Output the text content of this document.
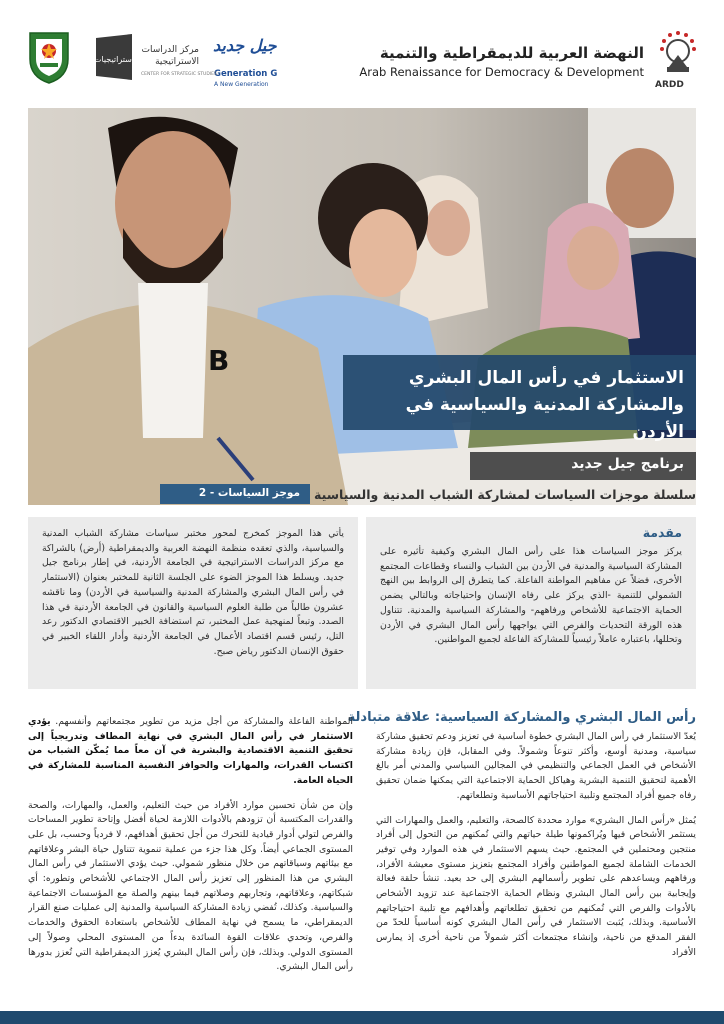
ARDD
النهضة العربية للديمقراطية والتنمية
Arab Renaissance for Democracy & Development
جيل جديد
Generation G
A New Generation
استراتيجيات
مركز الدراسات الاستراتيجية
CENTER FOR STRATEGIC STUDIES
B
الاستثمار في رأس المال البشري والمشاركة المدنية والسياسية في الأردن
برنامج جيل جديد
سلسلة موجزات السياسات لمشاركة الشباب المدنية والسياسية
موجز السياسات - 2
يأتي هذا الموجز كمخرج لمحور مختبر سياسات مشاركة الشباب المدنية والسياسية، والذي تعقده منظمة النهضة العربية والديمقراطية (أرض) بالشراكة مع مركز الدراسات الاستراتيجية في الجامعة الأردنية، في إطار برنامج جيل جديد. ويسلط هذا الموجز الضوء على الجلسة الثانية للمختبر بعنوان (الاستثمار في رأس المال البشري والمشاركة المدنية والسياسية في الأردن) وما ناقشه عشرون طالباً من طلبة العلوم السياسية والقانون في الجامعة الأردنية في هذا الصدد. وتبعاً لمنهجية عمل المختبر، تم استضافة الخبير الاقتصادي الدكتور رعد التل، رئيس قسم اقتصاد الأعمال في الجامعة الأردنية وأدار اللقاء الخبير في حقوق الإنسان الدكتور رياض صبح.
مقدمة
يركز موجز السياسات هذا على رأس المال البشري وكيفية تأثيره على المشاركة السياسية والمدنية في الأردن بين الشباب والنساء وقطاعات المجتمع الأخرى، فضلاً عن مفاهيم المواطنة الفاعلة. كما يتطرق إلى الروابط بين النهج الشمولي للتنمية -الذي يركز على رفاه الإنسان واحتياجاته وبالتالي يضمن الحماية الاجتماعية للأشخاص ورفاههم- والمشاركة السياسية والمدنية. تتناول هذه الورقة التحديات والفرص التي يواجهها رأس المال البشري في الأردن وتحللها، باعتباره عاملاً رئيسياً للمشاركة الفاعلة لجميع المواطنين.
رأس المال البشري والمشاركة السياسية: علاقة متبادلة

يُعدّ الاستثمار في رأس المال البشري خطوة أساسية في تعزيز ودعم تحقيق مشاركة سياسية، ومدنية أوسع، وأكثر تنوعاً وشمولاً. وفي المقابل، فإن زيادة مشاركة الأشخاص في العمل الجماعي والتنظيمي في المجالين السياسي والمدني أمر بالغ الأهمية لتحقيق التنمية البشرية وهياكل الحماية الاجتماعية التي يمكنها ضمان تحقيق رفاه جميع أفراد المجتمع وتلبية احتياجاتهم الأساسية وتطلعاتهم.

يُمثل «رأس المال البشري» موارد محددة كالصحة، والتعليم، والعمل والمهارات التي يستثمر الأشخاص فيها ويُراكمونها طيلة حياتهم والتي تُمكنهم من التحول إلى أفراد منتجين ومحتملين في المجتمع. حيث يسهم الاستثمار في هذه الموارد وفي توفير الخدمات الشاملة لجميع المواطنين وأفراد المجتمع بتعزيز مستوى معيشة الأفراد، ورفاههم ويساعدهم على تطوير رأسمالهم البشري إلى حد بعيد. تنشأ حلقة فعالة وإيجابية بين رأس المال البشري ونظام الحماية الاجتماعية عند تزويد الأشخاص بالأدوات والفرص التي تُمكنهم من تحقيق تطلعاتهم وأهدافهم مع تلبية احتياجاتهم الأساسية. وبذلك، يُثبت الاستثمار في رأس المال البشري كونه أساسياً للحدّ من الفقر المدقع من ناحية، وإنشاء مجتمعات أكثر شمولاً من ناحية أخرى إذ يمارس الأفراد

المواطنة الفاعلة والمشاركة من أجل مزيد من تطوير مجتمعاتهم وأنفسهم. يؤدي الاستثمار في رأس المال البشري في نهاية المطاف وتدريجياً إلى تحقيق التنمية الاقتصادية والبشرية في آن معاً مما يُمكّن الشباب من اكتساب القدرات، والمهارات والحوافز النفسية المناسبة للمشاركة في الحياة العامة.

وإن من شأن تحسين موارد الأفراد من حيث التعليم، والعمل، والمهارات، والصحة والقدرات المكتسبة أن تزودهم بالأدوات اللازمة لحياة أفضل وإتاحة تطوير المساحات والفرص لتولي أدوار قيادية للتحرك من أجل تحقيق أهدافهم، لا فردياً وحسب، بل على المستوى الجماعي أيضاً. وكل هذا جزء من عملية تنموية تتناول حياة البشر وعلاقاتهم مع بيئاتهم وسياقاتهم من خلال منظور شمولي. حيث يؤدي الاستثمار في رأس المال البشري من هذا المنظور إلى تعزيز رأس المال الاجتماعي للأشخاص وتطوره: أي شبكاتهم، وعلاقاتهم، وتجاربهم وصلاتهم فيما بينهم والصلة مع المؤسسات الاجتماعية والسياسية. وكذلك، تُفضي زيادة المشاركة السياسية والمدنية إلى عمليات صنع القرار الديمقراطي، ما يسمح في نهاية المطاف للأشخاص باستعادة الحقوق والخدمات والفرص، وتحدي علاقات القوة السائدة بدءاً من المستوى المحلي وصولاً إلى المستوى الدولي. وبذلك، فإن رأس المال البشري يُعزز الديمقراطية التي تُعزز بدورها رأس المال البشري.
